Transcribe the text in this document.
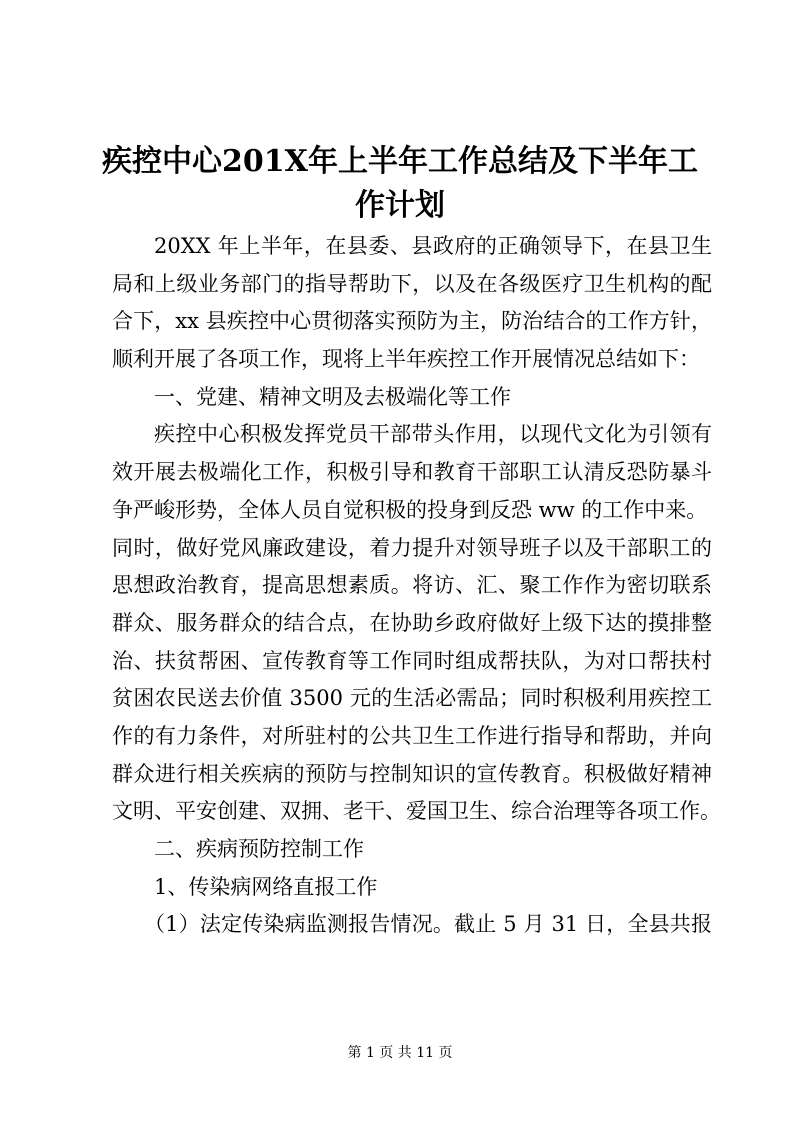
疾控中心201X年上半年工作总结及下半年工
作计划
20XX 年上半年，在县委、县政府的正确领导下，在县卫生
局和上级业务部门的指导帮助下，以及在各级医疗卫生机构的配
合下，xx 县疾控中心贯彻落实预防为主，防治结合的工作方针，
顺利开展了各项工作，现将上半年疾控工作开展情况总结如下：
一、党建、精神文明及去极端化等工作
疾控中心积极发挥党员干部带头作用，以现代文化为引领有
效开展去极端化工作，积极引导和教育干部职工认清反恐防暴斗
争严峻形势，全体人员自觉积极的投身到反恐 ww 的工作中来。
同时，做好党风廉政建设，着力提升对领导班子以及干部职工的
思想政治教育，提高思想素质。将访、汇、聚工作作为密切联系
群众、服务群众的结合点，在协助乡政府做好上级下达的摸排整
治、扶贫帮困、宣传教育等工作同时组成帮扶队，为对口帮扶村
贫困农民送去价值 3500 元的生活必需品；同时积极利用疾控工
作的有力条件，对所驻村的公共卫生工作进行指导和帮助，并向
群众进行相关疾病的预防与控制知识的宣传教育。积极做好精神
文明、平安创建、双拥、老干、爱国卫生、综合治理等各项工作。
二、疾病预防控制工作
1、传染病网络直报工作
（1）法定传染病监测报告情况。截止 5 月 31 日，全县共报
第 1 页 共 11 页
